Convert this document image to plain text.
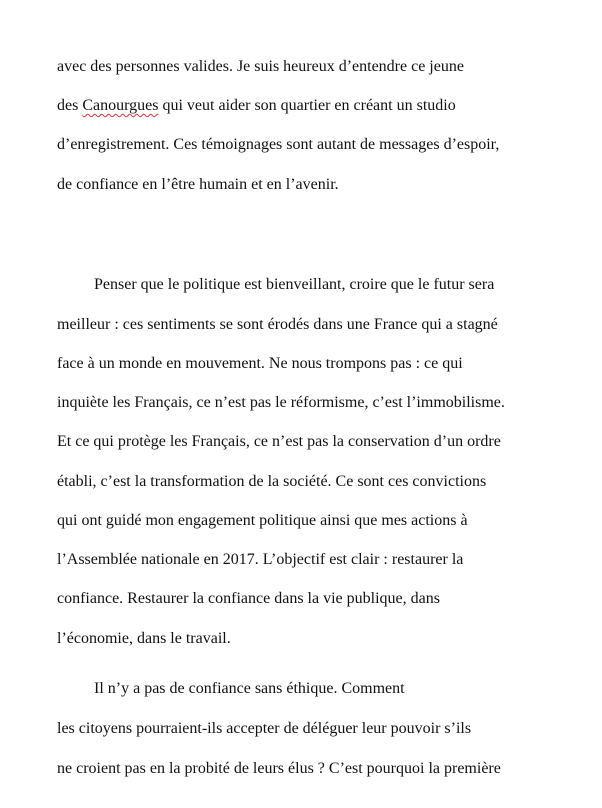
avec des personnes valides. Je suis heureux d’entendre ce jeune
des Canourgues qui veut aider son quartier en créant un studio
d’enregistrement. Ces témoignages sont autant de messages d’espoir,
de confiance en l’être humain et en l’avenir.
Penser que le politique est bienveillant, croire que le futur sera
meilleur : ces sentiments se sont érodés dans une France qui a stagné
face à un monde en mouvement. Ne nous trompons pas : ce qui
inquiète les Français, ce n’est pas le réformisme, c’est l’immobilisme.
Et ce qui protège les Français, ce n’est pas la conservation d’un ordre
établi, c’est la transformation de la société. Ce sont ces convictions
qui ont guidé mon engagement politique ainsi que mes actions à
l’Assemblée nationale en 2017. L’objectif est clair : restaurer la
confiance. Restaurer la confiance dans la vie publique, dans
l’économie, dans le travail.
Il n’y a pas de confiance sans éthique. Comment
les citoyens pourraient-ils accepter de déléguer leur pouvoir s’ils
ne croient pas en la probité de leurs élus ? C’est pourquoi la première
